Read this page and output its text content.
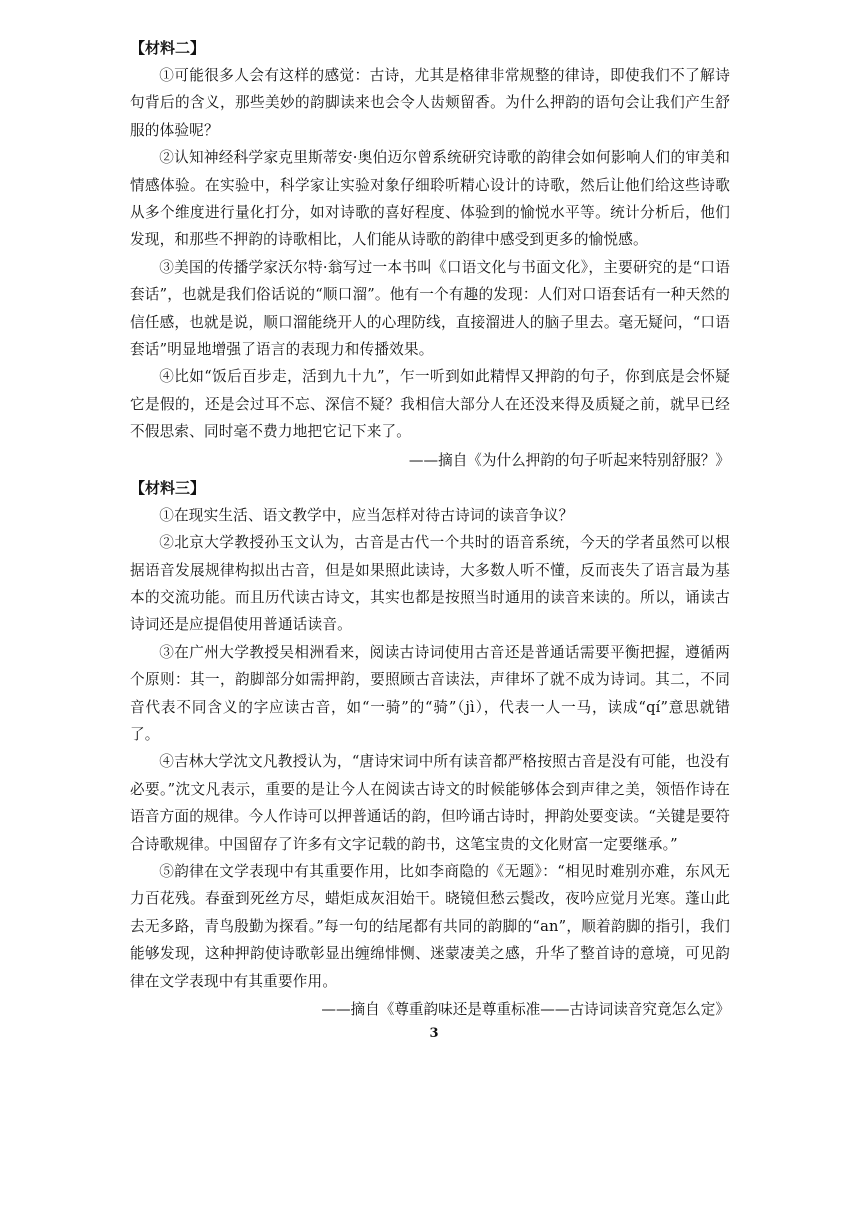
【材料二】

①可能很多人会有这样的感觉：古诗，尤其是格律非常规整的律诗，即使我们不了解诗句背后的含义，那些美妙的韵脚读来也会令人齿颊留香。为什么押韵的语句会让我们产生舒服的体验呢？

②认知神经科学家克里斯蒂安·奥伯迈尔曾系统研究诗歌的韵律会如何影响人们的审美和情感体验。在实验中，科学家让实验对象仔细聆听精心设计的诗歌，然后让他们给这些诗歌从多个维度进行量化打分，如对诗歌的喜好程度、体验到的愉悦水平等。统计分析后，他们发现，和那些不押韵的诗歌相比，人们能从诗歌的韵律中感受到更多的愉悦感。

③美国的传播学家沃尔特·翁写过一本书叫《口语文化与书面文化》，主要研究的是“口语套话”，也就是我们俗话说的“顺口溜”。他有一个有趣的发现：人们对口语套话有一种天然的信任感，也就是说，顺口溜能绕开人的心理防线，直接溜进人的脑子里去。毫无疑问，“口语套话”明显地增强了语言的表现力和传播效果。

④比如“饭后百步走，活到九十九”，乍一听到如此精悍又押韵的句子，你到底是会怀疑它是假的，还是会过耳不忘、深信不疑？我相信大部分人在还没来得及质疑之前，就早已经不假思索、同时毫不费力地把它记下来了。

——摘自《为什么押韵的句子听起来特别舒服？》
【材料三】

①在现实生活、语文教学中，应当怎样对待古诗词的读音争议？

②北京大学教授孙玉文认为，古音是古代一个共时的语音系统，今天的学者虽然可以根据语音发展规律构拟出古音，但是如果照此读诗，大多数人听不懂，反而丧失了语言最为基本的交流功能。而且历代读古诗文，其实也都是按照当时通用的读音来读的。所以，诵读古诗词还是应提倡使用普通话读音。

③在广州大学教授吴相洲看来，阅读古诗词使用古音还是普通话需要平衡把握，遵循两个原则：其一，韵脚部分如需押韵，要照顾古音读法，声律坏了就不成为诗词。其二，不同音代表不同含义的字应读古音，如“一骑”的“骑”（jì），代表一人一马，读成“qí”意思就错了。

④吉林大学沈文凡教授认为，“唐诗宋词中所有读音都严格按照古音是没有可能，也没有必要。”沈文凡表示，重要的是让今人在阅读古诗文的时候能够体会到声律之美，领悟作诗在语音方面的规律。今人作诗可以押普通话的韵，但吟诵古诗时，押韵处要变读。“关键是要符合诗歌规律。中国留存了许多有文字记载的韵书，这笔宝贵的文化财富一定要继承。”

⑤韵律在文学表现中有其重要作用，比如李商隐的《无题》：“相见时难别亦难，东风无力百花残。春蚕到死丝方尽，蜡炬成灰泪始干。晓镜但愁云鬓改，夜吟应觉月光寒。蓬山此去无多路，青鸟殷勤为探看。”每一句的结尾都有共同的韵脚的“an”，顺着韵脚的指引，我们能够发现，这种押韵使诗歌彰显出缠绵悱恻、迷蒙凄美之感，升华了整首诗的意境，可见韵律在文学表现中有其重要作用。

——摘自《尊重韵味还是尊重标准——古诗词读音究竟怎么定》
3
